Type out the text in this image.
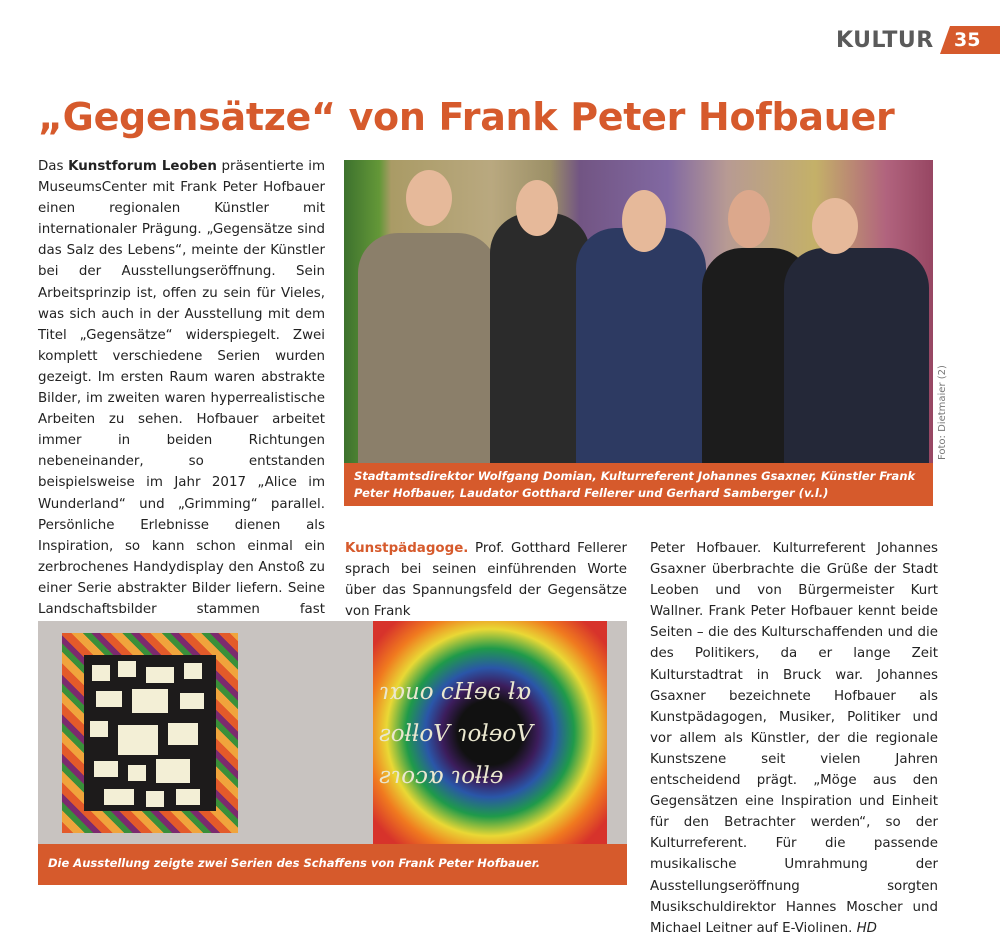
KULTUR 35
„Gegensätze“ von Frank Peter Hofbauer

Das Kunstforum Leoben präsentierte im MuseumsCenter mit Frank Peter Hofbauer einen regionalen Künstler mit internationaler Prägung. „Gegensätze sind das Salz des Lebens“, meinte der Künstler bei der Ausstellungseröffnung. Sein Arbeitsprinzip ist, offen zu sein für Vieles, was sich auch in der Ausstellung mit dem Titel „Gegensätze“ widerspiegelt. Zwei komplett verschiedene Serien wurden gezeigt. Im ersten Raum waren abstrakte Bilder, im zweiten waren hyperrealistische Arbeiten zu sehen. Hofbauer arbeitet immer in beiden Richtungen nebeneinander, so entstanden beispielsweise im Jahr 2017 „Alice im Wunderland“ und „Grimming“ parallel. Persönliche Erlebnisse dienen als Inspiration, so kann schon einmal ein zerbrochenes Handydisplay den Anstoß zu einer Serie abstrakter Bilder liefern. Seine Landschaftsbilder stammen fast

Stadtamtsdirektor Wolfgang Domian, Kulturreferent Johannes Gsaxner, Künstler Frank Peter Hofbauer, Laudator Gotthard Fellerer und Gerhard Samberger (v.l.)
Foto: Dietmaier (2)

Kunstpädagoge. Prof. Gotthard Fellerer sprach bei seinen einführenden Worte über das Spannungsfeld der Gegensätze von Frank

Peter Hofbauer. Kulturreferent Johannes Gsaxner überbrachte die Grüße der Stadt Leoben und von Bürgermeister Kurt Wallner. Frank Peter Hofbauer kennt beide Seiten – die des Kulturschaffenden und die des Politikers, da er lange Zeit Kulturstadtrat in Bruck war. Johannes Gsaxner bezeichnete Hofbauer als Kunstpädagogen, Musiker, Politiker und vor allem als Künstler, der die regionale Kunstszene seit vielen Jahren entscheidend prägt. „Möge aus den Gegensätzen eine Inspiration und Einheit für den Betrachter werden“, so der Kulturreferent. Für die passende musikalische Umrahmung der Ausstellungseröffnung sorgten Musikschuldirektor Hannes Moscher und Michael Leitner auf E-Violinen. HD

ɿɒuo cHɘɢ ƚɒ
ƨoƚƚoV ɿoƚɘoV
ƨɿoɔɒ ɿoƚƚɘ
Die Ausstellung zeigte zwei Serien des Schaffens von Frank Peter Hofbauer.
